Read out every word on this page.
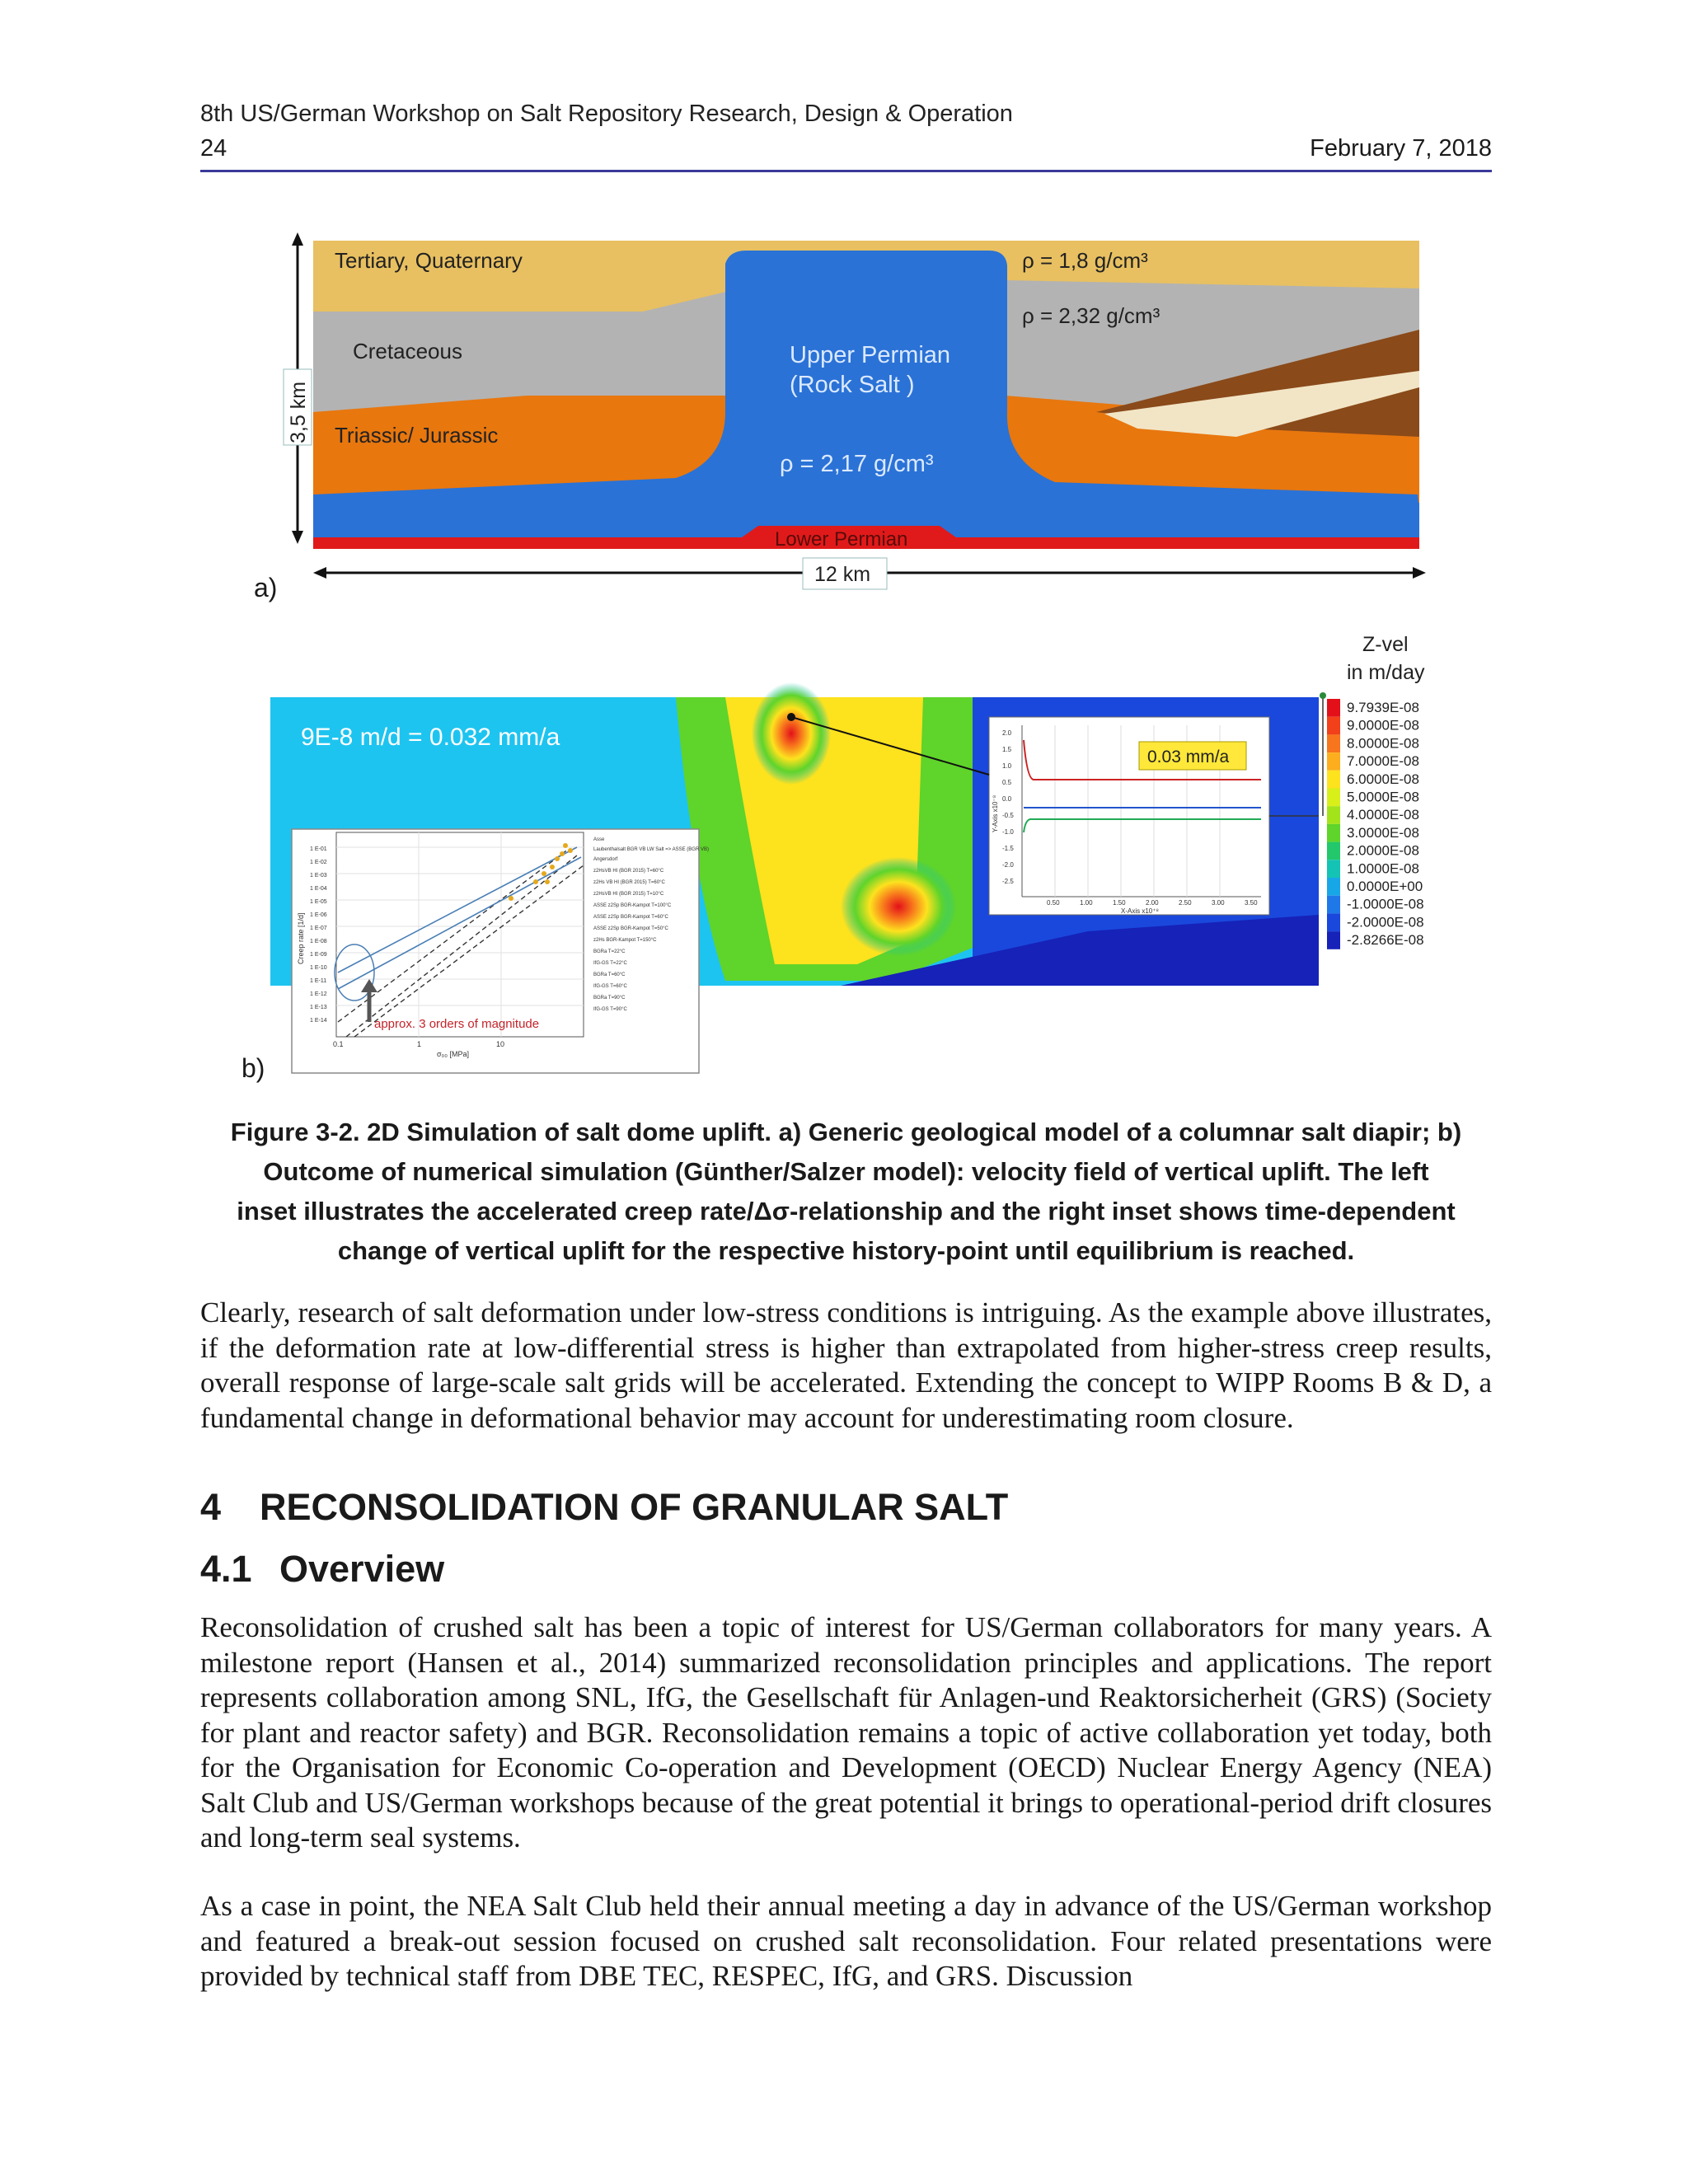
8th US/German Workshop on Salt Repository Research, Design & Operation
24	February 7, 2018
3,5 km
Tertiary, Quaternary
Cretaceous
Triassic/ Jurassic
Upper Permian
(Rock Salt )
ρ = 2,17 g/cm³
ρ = 1,8 g/cm³
ρ = 2,32 g/cm³
Lower Permian
12 km
a)
9E-8 m/d = 0.032 mm/a
0.03 mm/a
2.0
1.5
1.0
0.5
0.0
-0.5
-1.0
-1.5
-2.0
-2.5
0.50	1.00	1.50	2.00	2.50	3.00	3.50
Y-Axis x10⁻⁸
X-Axis x10⁺⁸
approx. 3 orders of magnitude
1 E-01
1 E-02
1 E-03
1 E-04
1 E-05
1 E-06
1 E-07
1 E-08
1 E-09
1 E-10
1 E-11
1 E-12
1 E-13
1 E-14
0.1	1	10
Creep rate [1/d]
σ₀₀ [MPa]
Asse
Laubenthalsalt BGR VB LW Salt => ASSE (BGR VB)
Angersdorf
z2HsVB HI (BGR 2015) T=60°C
z2Hs VB HI (BGR 2015) T=60°C
z2HsVB HI (BGR 2015) T=10°C
ASSE z2Sp BGR-Kampot T=100°C
ASSE z2Sp BGR-Kampot T=60°C
ASSE z2Sp BGR-Kampot T=50°C
z2Hs BGR-Kampot T=150°C
BGRa T=22°C
IfG-GS T=22°C
BGRa T=60°C
IfG-GS T=60°C
BGRa T=90°C
IfG-GS T=90°C
Z-vel
in m/day
9.7939E-08
9.0000E-08
8.0000E-08
7.0000E-08
6.0000E-08
5.0000E-08
4.0000E-08
3.0000E-08
2.0000E-08
1.0000E-08
0.0000E+00
-1.0000E-08
-2.0000E-08
-2.8266E-08
b)
Figure 3-2. 2D Simulation of salt dome uplift. a) Generic geological model of a columnar salt diapir; b)
Outcome of numerical simulation (Günther/Salzer model): velocity field of vertical uplift. The left
inset illustrates the accelerated creep rate/Δσ-relationship and the right inset shows time-dependent
change of vertical uplift for the respective history-point until equilibrium is reached.

Clearly, research of salt deformation under low-stress conditions is intriguing. As the example above illustrates, if the deformation rate at low-differential stress is higher than extrapolated from higher-stress creep results, overall response of large-scale salt grids will be accelerated. Extending the concept to WIPP Rooms B & D, a fundamental change in deformational behavior may account for underestimating room closure.

4 RECONSOLIDATION OF GRANULAR SALT
4.1 Overview

Reconsolidation of crushed salt has been a topic of interest for US/German collaborators for many years. A milestone report (Hansen et al., 2014) summarized reconsolidation principles and applications. The report represents collaboration among SNL, IfG, the Gesellschaft für Anlagen-und Reaktorsicherheit (GRS) (Society for plant and reactor safety) and BGR. Reconsolidation remains a topic of active collaboration yet today, both for the Organisation for Economic Co-operation and Development (OECD) Nuclear Energy Agency (NEA) Salt Club and US/German workshops because of the great potential it brings to operational-period drift closures and long-term seal systems.

As a case in point, the NEA Salt Club held their annual meeting a day in advance of the US/German workshop and featured a break-out session focused on crushed salt reconsolidation. Four related presentations were provided by technical staff from DBE TEC, RESPEC, IfG, and GRS. Discussion
